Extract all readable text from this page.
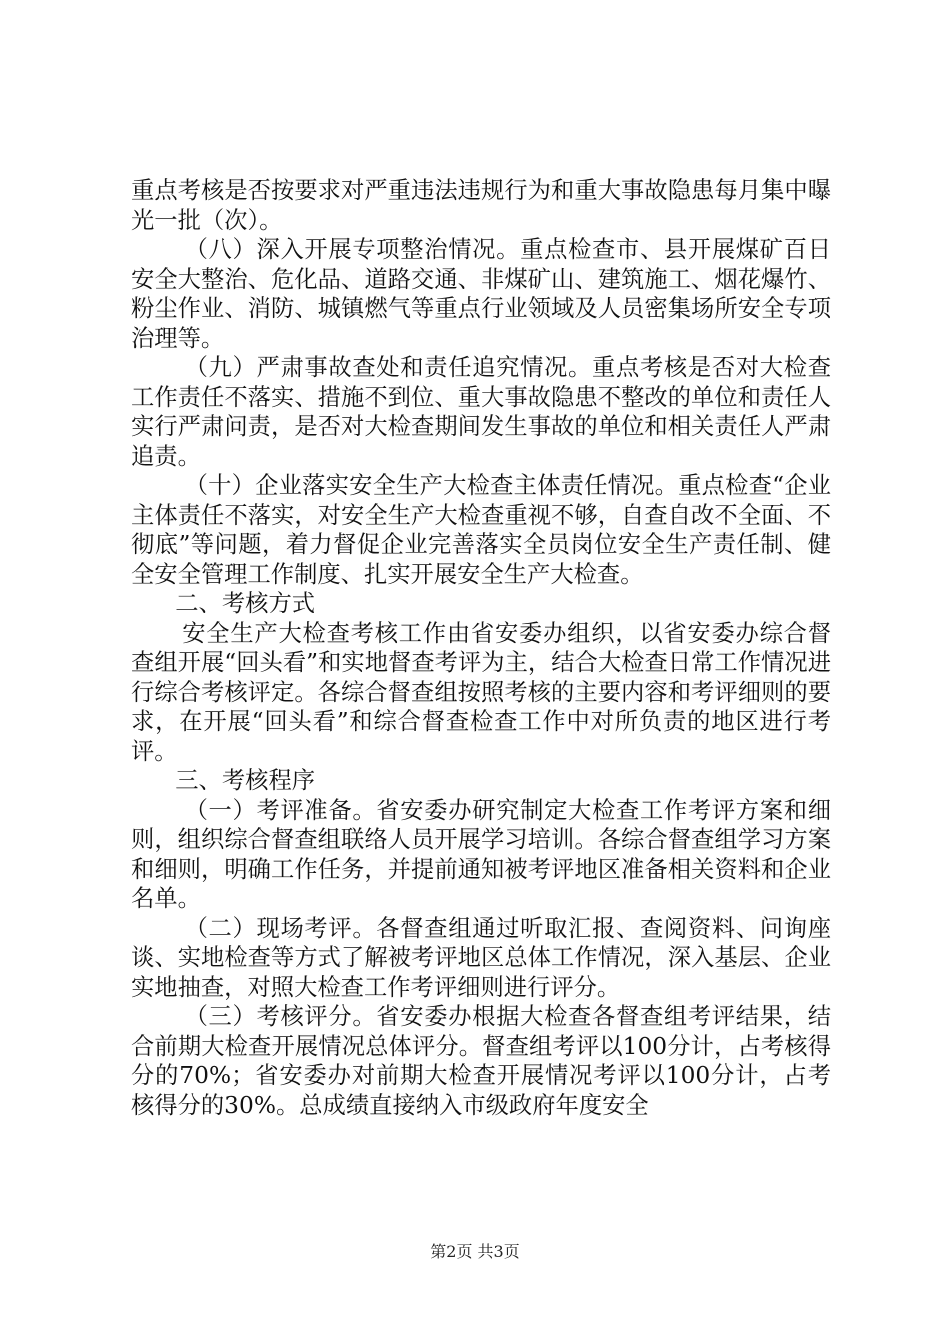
重点考核是否按要求对严重违法违规行为和重大事故隐患每月集中曝光一批（次）。

（八）深入开展专项整治情况。重点检查市、县开展煤矿百日安全大整治、危化品、道路交通、非煤矿山、建筑施工、烟花爆竹、粉尘作业、消防、城镇燃气等重点行业领域及人员密集场所安全专项治理等。

（九）严肃事故查处和责任追究情况。重点考核是否对大检查工作责任不落实、措施不到位、重大事故隐患不整改的单位和责任人实行严肃问责，是否对大检查期间发生事故的单位和相关责任人严肃追责。

（十）企业落实安全生产大检查主体责任情况。重点检查“企业主体责任不落实，对安全生产大检查重视不够，自查自改不全面、不彻底”等问题，着力督促企业完善落实全员岗位安全生产责任制、健全安全管理工作制度、扎实开展安全生产大检查。

二、考核方式

安全生产大检查考核工作由省安委办组织，以省安委办综合督查组开展“回头看”和实地督查考评为主，结合大检查日常工作情况进行综合考核评定。各综合督查组按照考核的主要内容和考评细则的要求，在开展“回头看”和综合督查检查工作中对所负责的地区进行考评。

三、考核程序

（一）考评准备。省安委办研究制定大检查工作考评方案和细则，组织综合督查组联络人员开展学习培训。各综合督查组学习方案和细则，明确工作任务，并提前通知被考评地区准备相关资料和企业名单。

（二）现场考评。各督查组通过听取汇报、查阅资料、问询座谈、实地检查等方式了解被考评地区总体工作情况，深入基层、企业实地抽查，对照大检查工作考评细则进行评分。

（三）考核评分。省安委办根据大检查各督查组考评结果，结合前期大检查开展情况总体评分。督查组考评以100分计，占考核得分的70%；省安委办对前期大检查开展情况考评以100分计，占考核得分的30%。总成绩直接纳入市级政府年度安全

第2页 共3页
